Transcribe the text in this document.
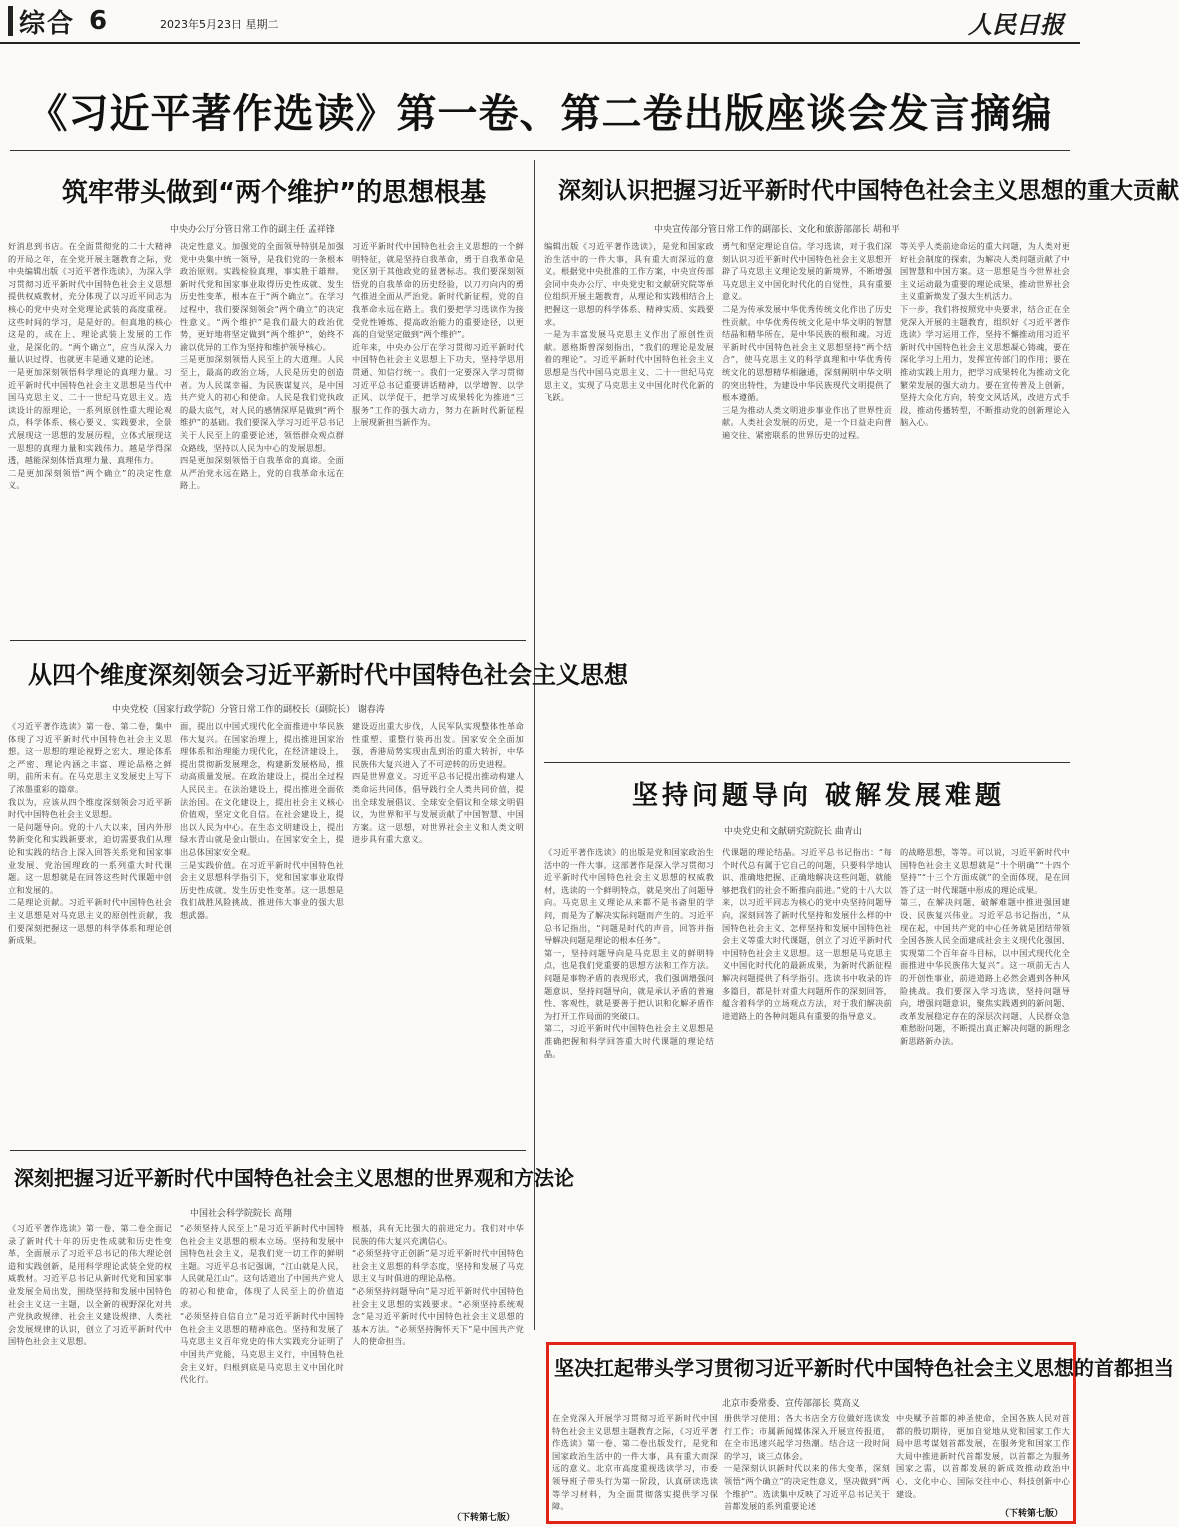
综合 6	2023年5月23日 星期二	人民日报
《习近平著作选读》第一卷、第二卷出版座谈会发言摘编
筑牢带头做到“两个维护”的思想根基
中央办公厅分管日常工作的副主任 孟祥锋
好消息到书店。在全面贯彻党的二十大精神的开局之年，在全党开展主题教育之际，党中央编辑出版《习近平著作选读》，为深入学习贯彻习近平新时代中国特色社会主义思想提供权威教材，充分体现了以习近平同志为核心的党中央对全党理论武装的高度重视。这些时间的学习，是是好的。但真地的核心这是的，成在上、理论武装上发展的工作业，是深化的。“两个确立”，应当从深入力量认识过得、也就更丰是通义建的论述。
一是更加深刻领悟科学理论的真理力量。习近平新时代中国特色社会主义思想是当代中国马克思主义、二十一世纪马克思主义。选读设计的原理论，一系列原创性重大理论观点，科学体系、核心要义、实践要求，全景式展现这一思想的发展历程，立体式展现这一思想的真理力量和实践伟力。越是学得深透，越能深刻体悟真理力量、真理伟力。
二是更加深刻领悟“两个确立”的决定性意义。
决定性意义。加强党的全面领导特别是加强党中央集中统一领导，是我们党的一条根本政治原则。实践检验真理，事实胜于雄辩。新时代党和国家事业取得历史性成就、发生历史性变革，根本在于“两个确立”。在学习过程中，我们要深刻领会“两个确立”的决定性意义。“两个维护”是我们最大的政治优势，更好地将坚定做到“两个维护”，始终不渝以优异的工作为坚持和维护领导核心。
三是更加深刻领悟人民至上的大道理。人民至上，最高的政治立场，人民是历史的创造者。为人民谋幸福、为民族谋复兴，是中国共产党人的初心和使命。人民是我们党执政的最大底气，对人民的感情深厚是做到“两个维护”的基础。我们要深入学习习近平总书记关于人民至上的重要论述，领悟群众观点群众路线，坚持以人民为中心的发展思想。
四是更加深刻领悟于自我革命的真谛。全面从严治党永远在路上，党的自我革命永远在路上。
习近平新时代中国特色社会主义思想的一个鲜明特征，就是坚持自我革命，勇于自我革命是党区别于其他政党的显著标志。我们要深刻领悟党的自我革命的历史经验，以刀刃向内的勇气推进全面从严治党。新时代新征程，党的自我革命永远在路上。我们要把学习选读作为接受党性锤炼、提高政治能力的重要途径，以更高的自觉坚定做到“两个维护”。
近年来，中央办公厅在学习贯彻习近平新时代中国特色社会主义思想上下功夫，坚持学思用贯通、知信行统一。我们一定要深入学习贯彻习近平总书记重要讲话精神，以学增智、以学正风、以学促干，把学习成果转化为推进“三服务”工作的强大动力，努力在新时代新征程上展现新担当新作为。
深刻认识把握习近平新时代中国特色社会主义思想的重大贡献
中央宣传部分管日常工作的副部长、文化和旅游部部长 胡和平
编辑出版《习近平著作选读》，是党和国家政治生活中的一件大事，具有重大而深远的意义。根据党中央批准的工作方案，中央宣传部会同中央办公厅、中央党史和文献研究院等单位组织开展主题教育，从理论和实践相结合上把握这一思想的科学体系、精神实质、实践要求。
一是为丰富发展马克思主义作出了原创性贡献。恩格斯曾深刻指出，“我们的理论是发展着的理论”。习近平新时代中国特色社会主义思想是当代中国马克思主义、二十一世纪马克思主义，实现了马克思主义中国化时代化新的飞跃。
勇气和坚定理论自信。学习选读，对于我们深刻认识习近平新时代中国特色社会主义思想开辟了马克思主义理论发展的新境界，不断增强马克思主义中国化时代化的自觉性，具有重要意义。
二是为传承发展中华优秀传统文化作出了历史性贡献。中华优秀传统文化是中华文明的智慧结晶和精华所在，是中华民族的根和魂。习近平新时代中国特色社会主义思想坚持“两个结合”，使马克思主义的科学真理和中华优秀传统文化的思想精华相融通，深刻阐明中华文明的突出特性，为建设中华民族现代文明提供了根本遵循。
三是为推动人类文明进步事业作出了世界性贡献。人类社会发展的历史，是一个日益走向普遍交往、紧密联系的世界历史的过程。
等关乎人类前途命运的重大问题，为人类对更好社会制度的探索，为解决人类问题贡献了中国智慧和中国方案。这一思想是当今世界社会主义运动最为重要的理论成果，推动世界社会主义重新焕发了强大生机活力。
下一步，我们将按照党中央要求，结合正在全党深入开展的主题教育，组织好《习近平著作选读》学习运用工作，坚持不懈推动用习近平新时代中国特色社会主义思想凝心铸魂，要在深化学习上用力，发挥宣传部门的作用；要在推动实践上用力，把学习成果转化为推动文化繁荣发展的强大动力。要在宣传普及上创新，坚持大众化方向，转变文风话风，改进方式手段，推动传播转型，不断推动党的创新理论入脑入心。
从四个维度深刻领会习近平新时代中国特色社会主义思想
中央党校（国家行政学院）分管日常工作的副校长（副院长） 谢春涛
《习近平著作选读》第一卷、第二卷，集中体现了习近平新时代中国特色社会主义思想。这一思想的理论视野之宏大、理论体系之严密、理论内涵之丰富、理论品格之鲜明，前所未有。在马克思主义发展史上写下了浓墨重彩的篇章。
我以为，应该从四个维度深刻领会习近平新时代中国特色社会主义思想。
一是问题导向。党的十八大以来，国内外形势新变化和实践新要求，迫切需要我们从理论和实践的结合上深入回答关系党和国家事业发展、党治国理政的一系列重大时代课题。这一思想就是在回答这些时代课题中创立和发展的。
二是理论贡献。习近平新时代中国特色社会主义思想是对马克思主义的原创性贡献，我们要深刻把握这一思想的科学体系和理论创新成果。
面，提出以中国式现代化全面推进中华民族伟大复兴。在国家治理上，提出推进国家治理体系和治理能力现代化，在经济建设上，提出贯彻新发展理念，构建新发展格局，推动高质量发展。在政治建设上，提出全过程人民民主。在法治建设上，提出推进全面依法治国。在文化建设上，提出社会主义核心价值观，坚定文化自信。在社会建设上，提出以人民为中心。在生态文明建设上，提出绿水青山就是金山银山。在国家安全上，提出总体国家安全观。
三是实践价值。在习近平新时代中国特色社会主义思想科学指引下，党和国家事业取得历史性成就、发生历史性变革。这一思想是我们战胜风险挑战、推进伟大事业的强大思想武器。
建设迈出重大步伐，人民军队实现整体性革命性重塑、重整行装再出发。国家安全全面加强，香港局势实现由乱到治的重大转折，中华民族伟大复兴进入了不可逆转的历史进程。
四是世界意义。习近平总书记提出推动构建人类命运共同体，倡导践行全人类共同价值，提出全球发展倡议、全球安全倡议和全球文明倡议，为世界和平与发展贡献了中国智慧、中国方案。这一思想，对世界社会主义和人类文明进步具有重大意义。
坚持问题导向 破解发展难题
中央党史和文献研究院院长 曲青山
《习近平著作选读》的出版是党和国家政治生活中的一件大事。这部著作是深入学习贯彻习近平新时代中国特色社会主义思想的权威教材，选读的一个鲜明特点，就是突出了问题导向。马克思主义理论从来都不是书斋里的学问，而是为了解决实际问题而产生的。习近平总书记指出，“问题是时代的声音，回答并指导解决问题是理论的根本任务”。
第一，坚持问题导向是马克思主义的鲜明特点，也是我们党重要的思想方法和工作方法。问题是事物矛盾的表现形式，我们强调增强问题意识、坚持问题导向，就是承认矛盾的普遍性、客观性，就是要善于把认识和化解矛盾作为打开工作局面的突破口。
第二，习近平新时代中国特色社会主义思想是准确把握和科学回答重大时代课题的理论结晶。
代课题的理论结晶。习近平总书记指出：“每个时代总有属于它自己的问题，只要科学地认识、准确地把握、正确地解决这些问题，就能够把我们的社会不断推向前进。”党的十八大以来，以习近平同志为核心的党中央坚持问题导向，深刻回答了新时代坚持和发展什么样的中国特色社会主义、怎样坚持和发展中国特色社会主义等重大时代课题，创立了习近平新时代中国特色社会主义思想。这一思想是马克思主义中国化时代化的最新成果，为新时代新征程解决问题提供了科学指引。选读书中收录的许多篇目，都是针对重大问题所作的深刻回答，蕴含着科学的立场观点方法，对于我们解决前进道路上的各种问题具有重要的指导意义。
的战略思想，等等。可以说，习近平新时代中国特色社会主义思想就是“十个明确”“十四个坚持”“十三个方面成就”的全面体现，是在回答了这一时代课题中形成的理论成果。
第三，在解决问题、破解难题中推进强国建设、民族复兴伟业。习近平总书记指出，“从现在起，中国共产党的中心任务就是团结带领全国各族人民全面建成社会主义现代化强国、实现第二个百年奋斗目标，以中国式现代化全面推进中华民族伟大复兴”。这一项前无古人的开创性事业，前进道路上必然会遇到各种风险挑战。我们要深入学习选读，坚持问题导向，增强问题意识，聚焦实践遇到的新问题、改革发展稳定存在的深层次问题、人民群众急难愁盼问题，不断提出真正解决问题的新理念新思路新办法。
深刻把握习近平新时代中国特色社会主义思想的世界观和方法论
中国社会科学院院长 高翔
《习近平著作选读》第一卷、第二卷全面记录了新时代十年的历史性成就和历史性变革，全面展示了习近平总书记的伟大理论创造和实践创新，是用科学理论武装全党的权威教材。习近平总书记从新时代党和国家事业发展全局出发，围绕坚持和发展中国特色社会主义这一主题，以全新的视野深化对共产党执政规律、社会主义建设规律、人类社会发展规律的认识，创立了习近平新时代中国特色社会主义思想。
“必须坚持人民至上”是习近平新时代中国特色社会主义思想的根本立场。坚持和发展中国特色社会主义，是我们党一切工作的鲜明主题。习近平总书记强调，“江山就是人民，人民就是江山”。这句话道出了中国共产党人的初心和使命，体现了人民至上的价值追求。
“必须坚持自信自立”是习近平新时代中国特色社会主义思想的精神底色。坚持和发展了马克思主义百年党史的伟大实践充分证明了中国共产党能，马克思主义行，中国特色社会主义好，归根到底是马克思主义中国化时代化行。
根基，具有无比强大的前进定力。我们对中华民族的伟大复兴充满信心。
“必须坚持守正创新”是习近平新时代中国特色社会主义思想的科学态度，坚持和发展了马克思主义与时俱进的理论品格。
“必须坚持问题导向”是习近平新时代中国特色社会主义思想的实践要求。“必须坚持系统观念”是习近平新时代中国特色社会主义思想的基本方法。“必须坚持胸怀天下”是中国共产党人的使命担当。
（下转第七版）
坚决扛起带头学习贯彻习近平新时代中国特色社会主义思想的首都担当
北京市委常委、宣传部部长 莫高义
在全党深入开展学习贯彻习近平新时代中国特色社会主义思想主题教育之际，《习近平著作选读》第一卷、第二卷出版发行，是党和国家政治生活中的一件大事，具有重大而深远的意义。北京市高度重视选读学习，市委领导班子带头行为第一阶段，认真研读选读等学习材料，为全面贯彻落实提供学习保障。
册供学习使用；各大书店全方位做好选读发行工作；市属新闻媒体深入开展宣传报道，在全市迅速兴起学习热潮。结合这一段时间的学习，谈三点体会。
一是深刻认识新时代以来的伟大变革，深刻领悟“两个确立”的决定性意义，坚决做到“两个维护”。选读集中反映了习近平总书记关于首都发展的系列重要论述
中央赋予首都的神圣使命，全国各族人民对首都的殷切期待，更加自觉地从党和国家工作大局中思考谋划首都发展，在服务党和国家工作大局中推进新时代首都发展，以首都之为服务国家之需，以首都发展的新成效推动政治中心、文化中心、国际交往中心、科技创新中心建设。
（下转第七版）
